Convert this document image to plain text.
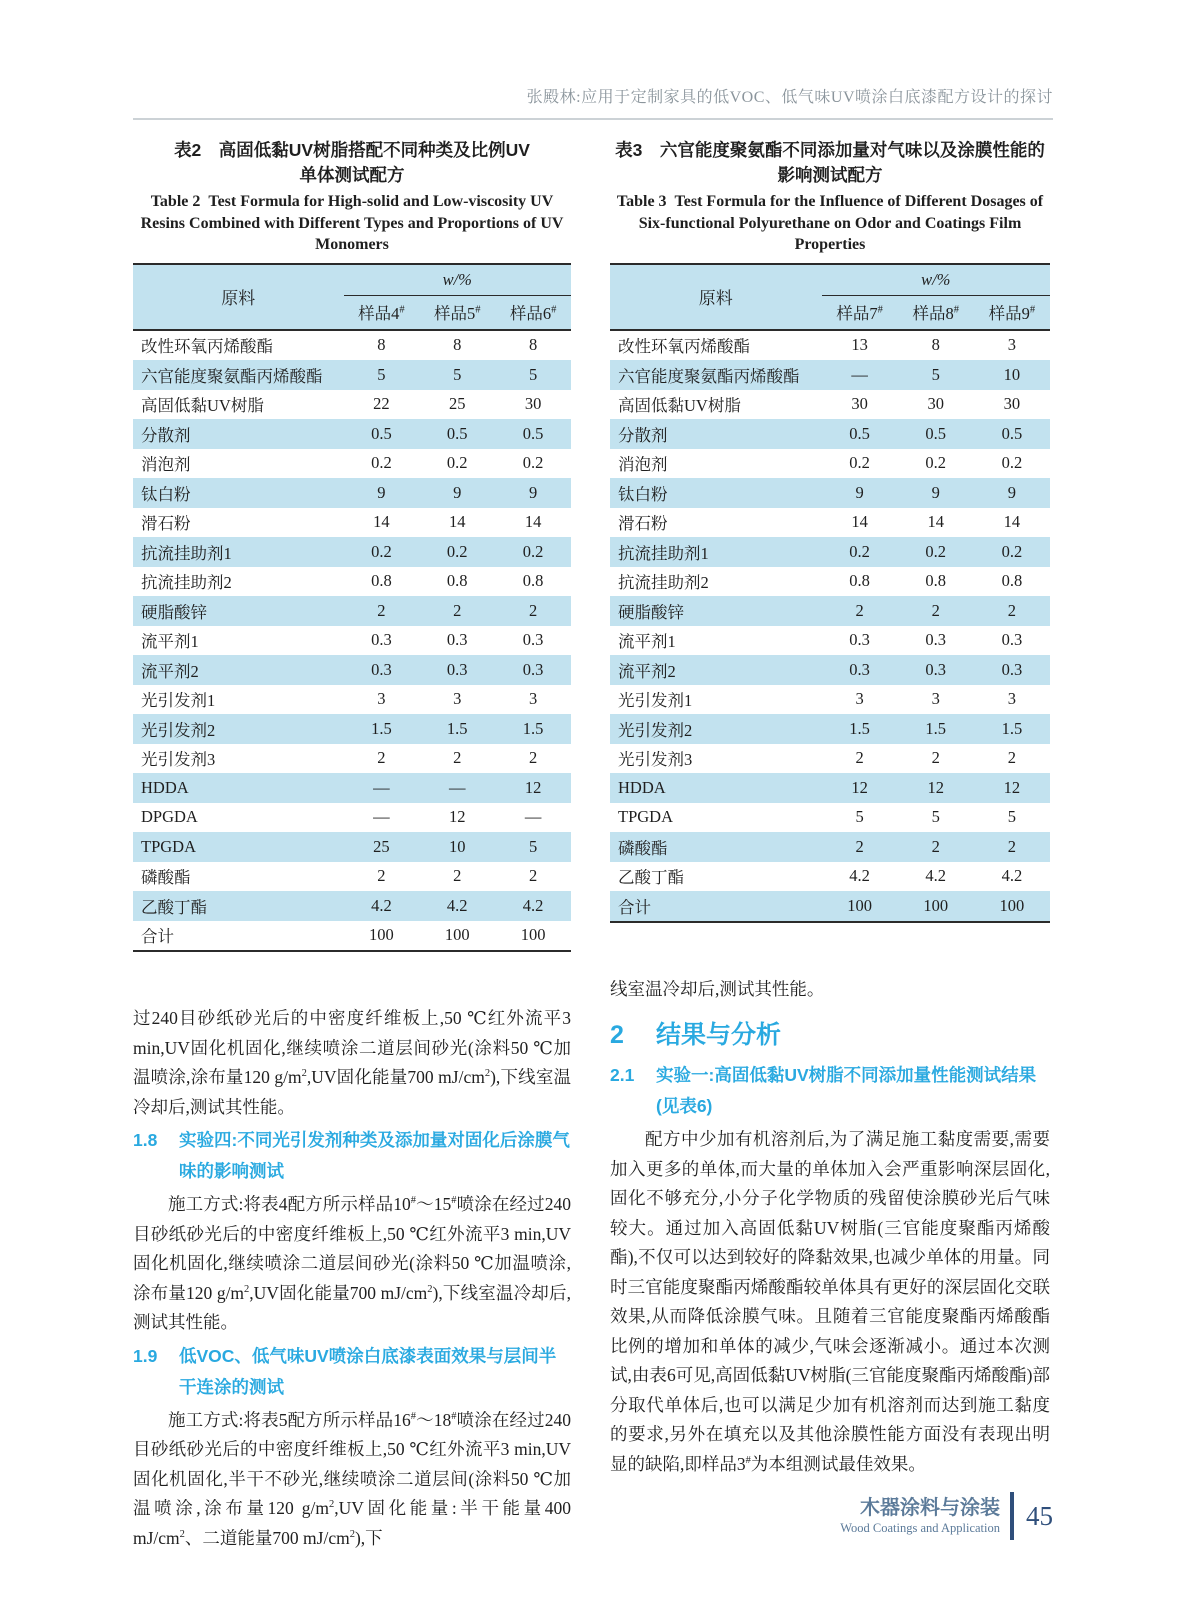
张殿林:应用于定制家具的低VOC、低气味UV喷涂白底漆配方设计的探讨
表2　高固低黏UV树脂搭配不同种类及比例UV
单体测试配方
Table 2  Test Formula for High-solid and Low-viscosity UV Resins Combined with Different Types and Proportions of UV Monomers
原料	w/%		
	样品4#	样品5#	样品6#
改性环氧丙烯酸酯	8	8	8
六官能度聚氨酯丙烯酸酯	5	5	5
高固低黏UV树脂	22	25	30
分散剂	0.5	0.5	0.5
消泡剂	0.2	0.2	0.2
钛白粉	9	9	9
滑石粉	14	14	14
抗流挂助剂1	0.2	0.2	0.2
抗流挂助剂2	0.8	0.8	0.8
硬脂酸锌	2	2	2
流平剂1	0.3	0.3	0.3
流平剂2	0.3	0.3	0.3
光引发剂1	3	3	3
光引发剂2	1.5	1.5	1.5
光引发剂3	2	2	2
HDDA	—	—	12
DPGDA	—	12	—
TPGDA	25	10	5
磷酸酯	2	2	2
乙酸丁酯	4.2	4.2	4.2
合计	100	100	100

过240目砂纸砂光后的中密度纤维板上,50 ℃红外流平3 min,UV固化机固化,继续喷涂二道层间砂光(涂料50 ℃加温喷涂,涂布量120 $g/m^2,UV$固化能量700 $mJ/cm^2$),下线室温冷却后,测试其性能。

1.8	实验四:不同光引发剂种类及添加量对固化后涂膜气味的影响测试

施工方式:将表4配方所示样品10#～15#喷涂在经过240目砂纸砂光后的中密度纤维板上,50 ℃红外流平3 min,UV固化机固化,继续喷涂二道层间砂光(涂料50 ℃加温喷涂,涂布量120 $g/m^2,UV$固化能量700 $mJ/cm^2$),下线室温冷却后,测试其性能。

1.9	低VOC、低气味UV喷涂白底漆表面效果与层间半干连涂的测试

施工方式:将表5配方所示样品16#～18#喷涂在经过240目砂纸砂光后的中密度纤维板上,50 ℃红外流平3 min,UV固化机固化,半干不砂光,继续喷涂二道层间(涂料50 ℃加温喷涂,涂布量120 $g/m^2,UV$固化能量:半干能量400 $mJ/cm^2$、二道能量700 $mJ/cm^2$),下

表3　六官能度聚氨酯不同添加量对气味以及涂膜性能的
影响测试配方
Table 3  Test Formula for the Influence of Different Dosages of Six-functional Polyurethane on Odor and Coatings Film Properties
原料	w/%		
	样品7#	样品8#	样品9#
改性环氧丙烯酸酯	13	8	3
六官能度聚氨酯丙烯酸酯	—	5	10
高固低黏UV树脂	30	30	30
分散剂	0.5	0.5	0.5
消泡剂	0.2	0.2	0.2
钛白粉	9	9	9
滑石粉	14	14	14
抗流挂助剂1	0.2	0.2	0.2
抗流挂助剂2	0.8	0.8	0.8
硬脂酸锌	2	2	2
流平剂1	0.3	0.3	0.3
流平剂2	0.3	0.3	0.3
光引发剂1	3	3	3
光引发剂2	1.5	1.5	1.5
光引发剂3	2	2	2
HDDA	12	12	12
TPGDA	5	5	5
磷酸酯	2	2	2
乙酸丁酯	4.2	4.2	4.2
合计	100	100	100

线室温冷却后,测试其性能。

2	结果与分析
2.1	实验一:高固低黏UV树脂不同添加量性能测试结果(见表6)

配方中少加有机溶剂后,为了满足施工黏度需要,需要加入更多的单体,而大量的单体加入会严重影响深层固化,固化不够充分,小分子化学物质的残留使涂膜砂光后气味较大。通过加入高固低黏UV树脂(三官能度聚酯丙烯酸酯),不仅可以达到较好的降黏效果,也减少单体的用量。同时三官能度聚酯丙烯酸酯较单体具有更好的深层固化交联效果,从而降低涂膜气味。且随着三官能度聚酯丙烯酸酯比例的增加和单体的减少,气味会逐渐减小。通过本次测试,由表6可见,高固低黏UV树脂(三官能度聚酯丙烯酸酯)部分取代单体后,也可以满足少加有机溶剂而达到施工黏度的要求,另外在填充以及其他涂膜性能方面没有表现出明显的缺陷,即样品3#为本组测试最佳效果。

木器涂料与涂装
Wood Coatings and Application 45
